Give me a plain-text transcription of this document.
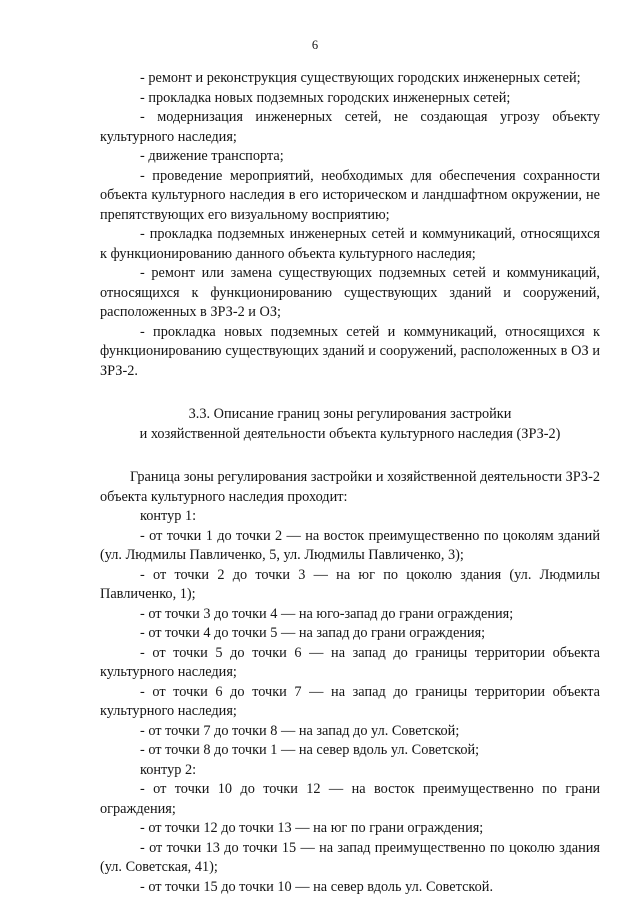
6

- ремонт и реконструкция существующих городских инженерных сетей;

- прокладка новых подземных городских инженерных сетей;

- модернизация инженерных сетей, не создающая угрозу объекту культурного наследия;

- движение транспорта;

- проведение мероприятий, необходимых для обеспечения сохранности объекта культурного наследия в его историческом и ландшафтном окружении, не препятствующих его визуальному восприятию;

- прокладка подземных инженерных сетей и коммуникаций, относящихся к функционированию данного объекта культурного наследия;

- ремонт или замена существующих подземных сетей и коммуникаций, относящихся к функционированию существующих зданий и сооружений, расположенных в ЗРЗ-2 и ОЗ;

- прокладка новых подземных сетей и коммуникаций, относящихся к функционированию существующих зданий и сооружений, расположенных в ОЗ и ЗРЗ-2.

3.3. Описание границ зоны регулирования застройки
и хозяйственной деятельности объекта культурного наследия (ЗРЗ-2)

Граница зоны регулирования застройки и хозяйственной деятельности ЗРЗ-2 объекта культурного наследия проходит:

контур 1:

- от точки 1 до точки 2 — на восток преимущественно по цоколям зданий (ул. Людмилы Павличенко, 5, ул. Людмилы Павличенко, 3);

- от точки 2 до точки 3 — на юг по цоколю здания (ул. Людмилы Павличенко, 1);

- от точки 3 до точки 4 — на юго-запад до грани ограждения;

- от точки 4 до точки 5 — на запад до грани ограждения;

- от точки 5 до точки 6 — на запад до границы территории объекта культурного наследия;

- от точки 6 до точки 7 — на запад до границы территории объекта культурного наследия;

- от точки 7 до точки 8 — на запад до ул. Советской;

- от точки 8 до точки 1 — на север вдоль ул. Советской;

контур 2:

- от точки 10 до точки 12 — на восток преимущественно по грани ограждения;

- от точки 12 до точки 13 — на юг по грани ограждения;

- от точки 13 до точки 15 — на запад преимущественно по цоколю здания (ул. Советская, 41);

- от точки 15 до точки 10 — на север вдоль ул. Советской.
